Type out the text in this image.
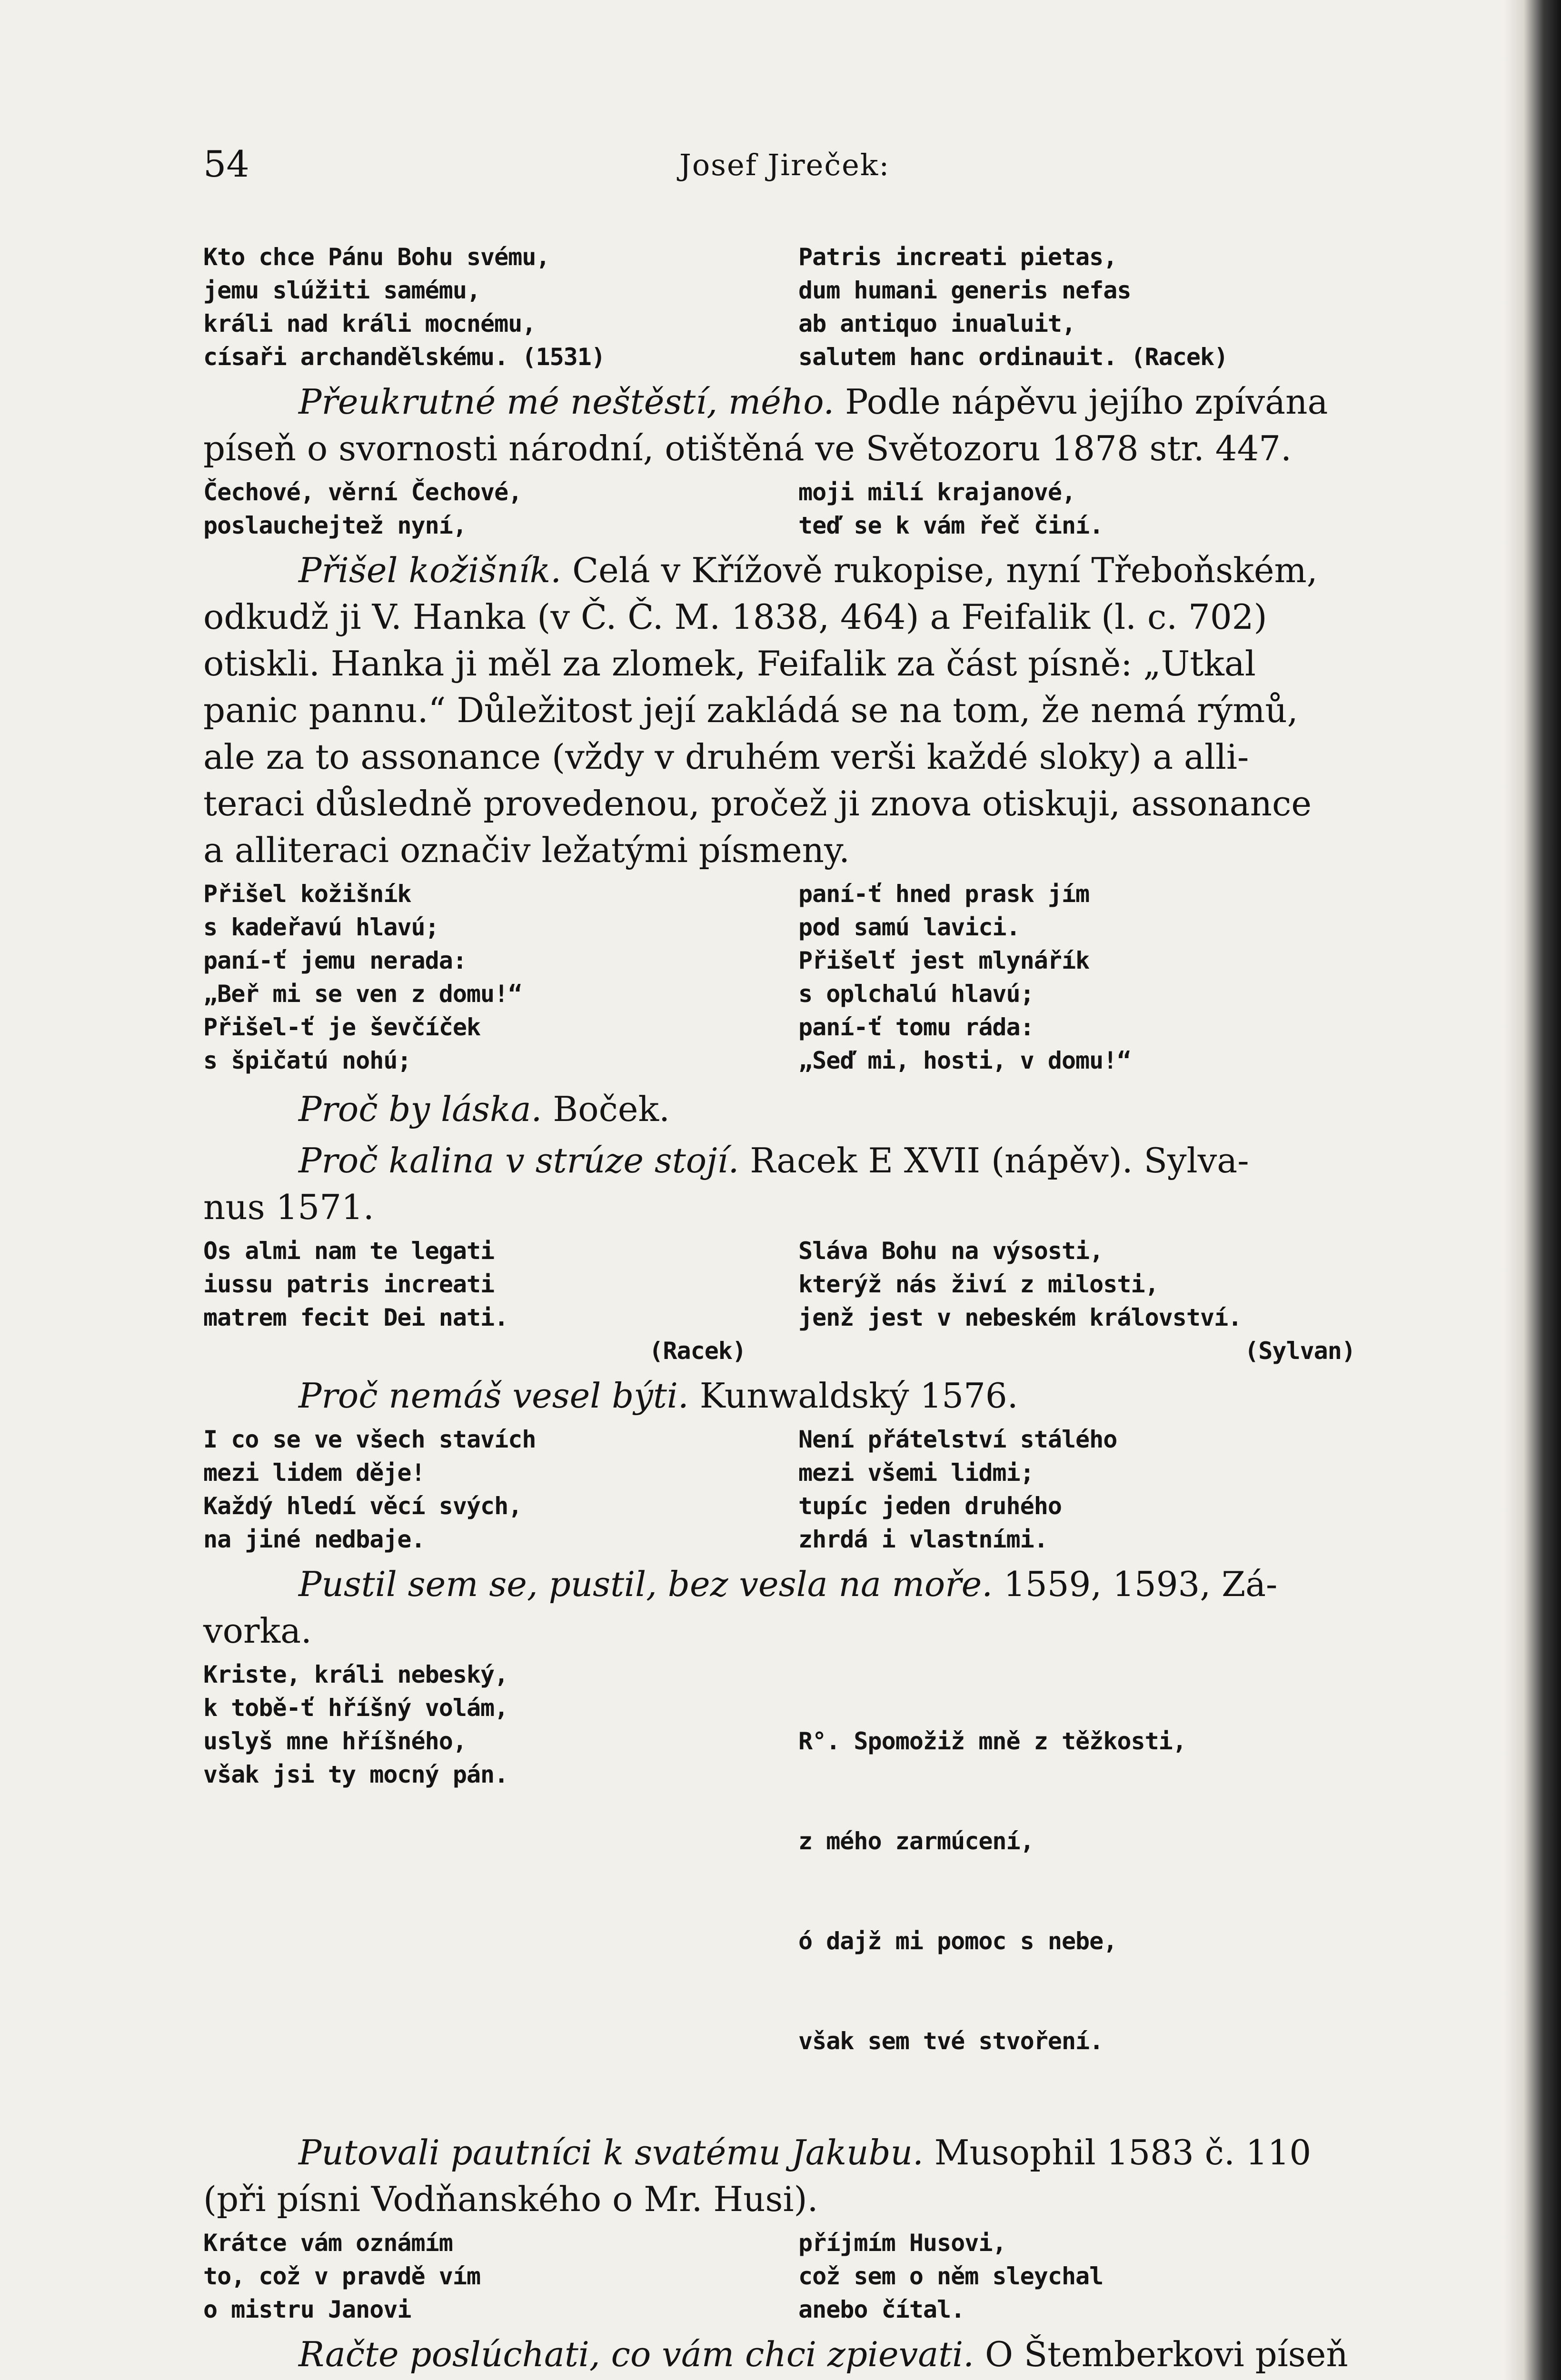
54	Josef Jireček:
Kto chce Pánu Bohu svému,
jemu slúžiti samému,
králi nad králi mocnému,
císaři archandělskému. (1531)
Patris increati pietas,
dum humani generis nefas
ab antiquo inualuit,
salutem hanc ordinauit. (Racek)
Přeukrutné mé neštěstí, mého. Podle nápěvu jejího zpívána
píseň o svornosti národní, otištěná ve Světozoru 1878 str. 447.
Čechové, věrní Čechové,
poslauchejtež nyní,
moji milí krajanové,
teď se k vám řeč činí.
Přišel kožišník. Celá v Křížově rukopise, nyní Třeboňském,
odkudž ji V. Hanka (v Č. Č. M. 1838, 464) a Feifalik (l. c. 702)
otiskli. Hanka ji měl za zlomek, Feifalik za část písně: „Utkal
panic pannu.“ Důležitost její zakládá se na tom, že nemá rýmů,
ale za to assonance (vždy v druhém verši každé sloky) a alli-
teraci důsledně provedenou, pročež ji znova otiskuji, assonance
a alliteraci označiv ležatými písmeny.
Přišel kožišník
s kadeřavú hlavú;
paní-ť jemu nerada:
„Beř mi se ven z domu!“
Přišel-ť je ševčíček
s špičatú nohú;
paní-ť hned prask jím
pod samú lavici.
Přišelť jest mlynářík
s oplchalú hlavú;
paní-ť tomu ráda:
„Seď mi, hosti, v domu!“
Proč by láska. Boček.
Proč kalina v strúze stojí. Racek E XVII (nápěv). Sylva-
nus 1571.
Os almi nam te legati
iussu patris increati
matrem fecit Dei nati.
(Racek)
Sláva Bohu na výsosti,
kterýž nás živí z milosti,
jenž jest v nebeském království.
(Sylvan)
Proč nemáš vesel býti. Kunwaldský 1576.
I co se ve všech stavích
mezi lidem děje!
Každý hledí věcí svých,
na jiné nedbaje.
Není přátelství stálého
mezi všemi lidmi;
tupíc jeden druhého
zhrdá i vlastními.
Pustil sem se, pustil, bez vesla na moře. 1559, 1593, Zá-
vorka.
Kriste, králi nebeský,
k tobě-ť hříšný volám,
uslyš mne hříšného,
však jsi ty mocný pán.

R°. Spomožiž mně z těžkosti,

z mého zarmúcení,

ó dajž mi pomoc s nebe,

však sem tvé stvoření.

Putovali pautníci k svatému Jakubu. Musophil 1583 č. 110
(při písni Vodňanského o Mr. Husi).
Krátce vám oznámím
to, což v pravdě vím
o mistru Janovi
příjmím Husovi,
což sem o něm sleychal
anebo čítal.
Račte poslúchati, co vám chci zpievati. O Štemberkovi píseň
